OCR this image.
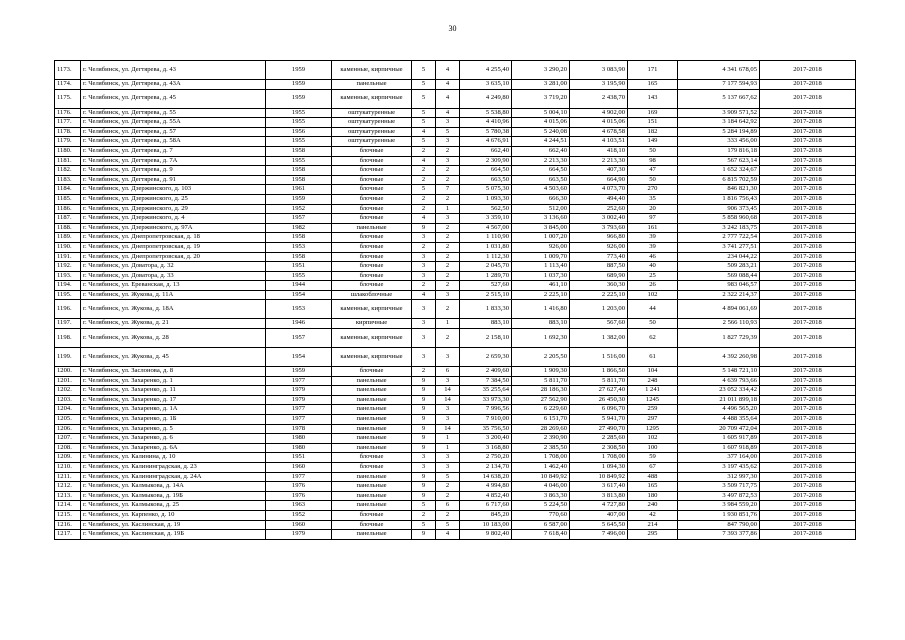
30
1173.	г. Челябинск, ул. Дегтярева, д. 43	1959	каменные, кирпичные	5	4	4 255,40	3 290,20	3 083,90	171	4 341 678,05	2017-2018
1174.	г. Челябинск, ул. Дегтярева, д. 43А	1959	панельные	5	4	3 635,10	3 281,00	3 195,90	165	7 177 594,93	2017-2018
1175.	г. Челябинск, ул. Дегтярева, д. 45	1959	каменные, кирпичные	5	4	4 249,80	3 719,20	2 438,70	143	5 137 667,62	2017-2018
1176.	г. Челябинск, ул. Дегтярева, д. 55	1955	оштукатуренные	5	4	5 538,80	5 004,10	4 902,00	169	3 909 571,52	2017-2018
1177.	г. Челябинск, ул. Дегтярева, д. 55А	1955	оштукатуренные	5	3	4 410,96	4 015,06	4 015,06	151	3 184 642,92	2017-2018
1178.	г. Челябинск, ул. Дегтярева, д. 57	1956	оштукатуренные	4	5	5 780,38	5 240,08	4 678,58	182	5 284 194,89	2017-2018
1179.	г. Челябинск, ул. Дегтярева, д. 58А	1955	оштукатуренные	5	3	4 676,91	4 244,51	4 103,51	149	333 456,00	2017-2018
1180.	г. Челябинск, ул. Дегтярева, д. 7	1958	блочные	2	2	662,40	662,40	418,10	50	179 816,18	2017-2018
1181.	г. Челябинск, ул. Дегтярева, д. 7А	1955	блочные	4	3	2 309,90	2 213,30	2 213,30	98	567 623,14	2017-2018
1182.	г. Челябинск, ул. Дегтярева, д. 9	1958	блочные	2	2	664,50	664,50	407,30	47	1 652 324,67	2017-2018
1183.	г. Челябинск, ул. Дегтярева, д. 91	1958	блочные	2	2	663,50	663,50	664,90	50	6 815 702,59	2017-2018
1184.	г. Челябинск, ул. Дзержинского, д. 103	1961	блочные	5	7	5 075,30	4 503,60	4 073,70	270	846 821,30	2017-2018
1185.	г. Челябинск, ул. Дзержинского, д. 25	1959	блочные	2	2	1 093,30	666,30	494,40	35	1 816 756,43	2017-2018
1186.	г. Челябинск, ул. Дзержинского, д. 29	1952	блочные	2	1	562,50	512,00	252,60	20	906 373,45	2017-2018
1187.	г. Челябинск, ул. Дзержинского, д. 4	1957	блочные	4	3	3 359,10	3 136,60	3 002,40	97	5 858 960,68	2017-2018
1188.	г. Челябинск, ул. Дзержинского, д. 97А	1982	панельные	9	2	4 567,00	3 845,00	3 793,60	161	3 242 183,75	2017-2018
1189.	г. Челябинск, ул. Днепропетровская, д. 18	1958	блочные	3	2	1 110,90	1 007,20	966,80	39	2 777 722,54	2017-2018
1190.	г. Челябинск, ул. Днепропетровская, д. 19	1953	блочные	2	2	1 031,80	926,00	926,00	39	3 741 277,51	2017-2018
1191.	г. Челябинск, ул. Днепропетровская, д. 20	1958	блочные	3	2	1 112,30	1 009,70	773,40	46	234 044,22	2017-2018
1192.	г. Челябинск, ул. Доватора, д. 32	1951	блочные	3	2	2 045,70	1 113,40	887,50	40	509 283,21	2017-2018
1193.	г. Челябинск, ул. Доватора, д. 33	1955	блочные	3	2	1 289,70	1 037,30	689,90	25	569 088,44	2017-2018
1194.	г. Челябинск, ул. Ереванская, д. 13	1944	блочные	2	2	527,60	461,10	360,30	26	983 046,57	2017-2018
1195.	г. Челябинск, ул. Жукова, д. 11А	1954	шлакоблочные	4	3	2 515,10	2 225,10	2 225,10	102	2 322 214,37	2017-2018
1196.	г. Челябинск, ул. Жукова, д. 18А	1953	каменные, кирпичные	3	2	1 833,30	1 416,80	1 203,00	44	4 894 061,69	2017-2018
1197.	г. Челябинск, ул. Жукова, д. 21	1946	кирпичные	3	1	883,10	883,10	567,60	50	2 566 110,93	2017-2018
1198.	г. Челябинск, ул. Жукова, д. 28	1957	каменные, кирпичные	3	2	2 158,10	1 692,30	1 382,00	62	1 827 729,39	2017-2018
1199.	г. Челябинск, ул. Жукова, д. 45	1954	каменные, кирпичные	3	3	2 659,30	2 205,50	1 516,00	61	4 392 260,98	2017-2018
1200.	г. Челябинск, ул. Заслонова, д. 8	1959	блочные	2	6	2 409,60	1 909,30	1 866,50	104	5 148 721,10	2017-2018
1201.	г. Челябинск, ул. Захаренко, д. 1	1977	панельные	9	3	7 384,50	5 811,70	5 811,70	248	4 639 793,66	2017-2018
1202.	г. Челябинск, ул. Захаренко, д. 11	1979	панельные	9	14	35 255,64	28 186,30	27 627,40	1 241	23 052 334,42	2017-2018
1203.	г. Челябинск, ул. Захаренко, д. 17	1979	панельные	9	14	33 973,30	27 562,90	26 450,30	1245	21 011 899,18	2017-2018
1204.	г. Челябинск, ул. Захаренко, д. 1А	1977	панельные	9	3	7 996,56	6 229,60	6 096,70	259	4 496 565,20	2017-2018
1205.	г. Челябинск, ул. Захаренко, д. 1Б	1977	панельные	9	3	7 910,00	6 151,70	5 941,70	297	4 488 355,64	2017-2018
1206.	г. Челябинск, ул. Захаренко, д. 5	1978	панельные	9	14	35 756,50	28 269,60	27 490,70	1295	20 709 472,04	2017-2018
1207.	г. Челябинск, ул. Захаренко, д. 6	1980	панельные	9	1	3 200,40	2 390,90	2 285,60	102	1 605 917,89	2017-2018
1208.	г. Челябинск, ул. Захаренко, д. 6А	1980	панельные	9	1	3 168,80	2 385,50	2 308,50	100	1 607 918,89	2017-2018
1209.	г. Челябинск, ул. Калинина, д. 10	1951	блочные	3	3	2 750,20	1 708,00	1 708,00	59	377 164,00	2017-2018
1210.	г. Челябинск, ул. Калининградская, д. 23	1960	блочные	3	3	2 134,70	1 462,40	1 094,30	67	3 197 435,62	2017-2018
1211.	г. Челябинск, ул. Калининградская, д. 24А	1977	панельные	9	5	14 638,20	10 849,92	10 849,92	488	312 997,30	2017-2018
1212.	г. Челябинск, ул. Калмыкова, д. 14А	1976	панельные	9	2	4 994,80	4 046,00	3 617,40	165	3 509 717,75	2017-2018
1213.	г. Челябинск, ул. Калмыкова, д. 19Б	1976	панельные	9	2	4 852,40	3 863,30	3 813,80	180	3 497 872,53	2017-2018
1214.	г. Челябинск, ул. Калмыкова, д. 25	1963	панельные	5	6	6 717,60	5 224,50	4 727,80	240	3 984 559,20	2017-2018
1215.	г. Челябинск, ул. Карпенко, д. 10	1952	блочные	2	2	845,20	770,60	407,00	42	1 930 851,76	2017-2018
1216.	г. Челябинск, ул. Каслинская, д. 19	1960	блочные	5	5	10 183,00	6 587,00	5 645,50	214	847 790,00	2017-2018
1217.	г. Челябинск, ул. Каслинская, д. 19Б	1979	панельные	9	4	9 802,40	7 618,40	7 496,00	295	7 393 377,86	2017-2018
